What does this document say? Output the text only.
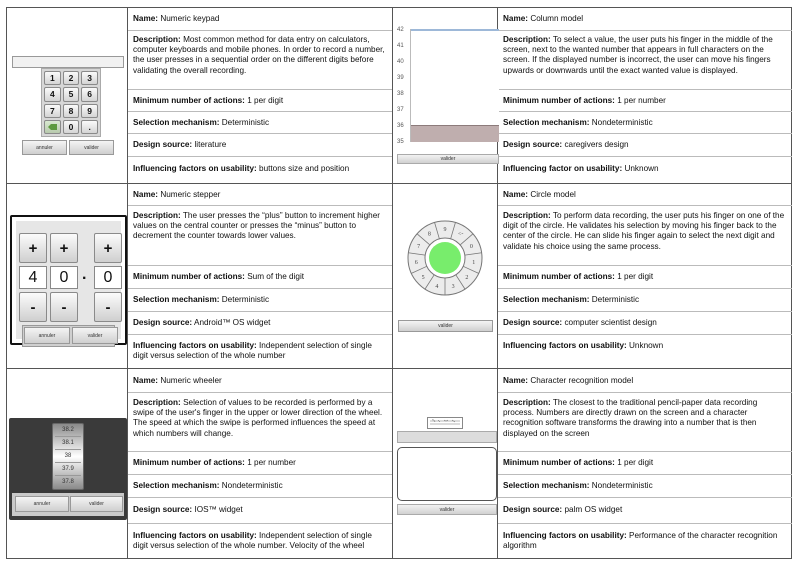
1	2	3
4	5	6
7	8	9
0	.
annuler	valider
Name: Numeric keypad
Description: Most common method for data entry on calculators, computer keyboards and mobile phones. In order to record a number, the user presses in a sequential order on the different digits before validating the overall recording.
Minimum number of actions: 1 per digit
Selection mechanism: Deterministic
Design source: literature
Influencing factors on usability: buttons size and position
42
41
40
39
38
37
36
35
valider
Name: Column model
Description: To select a value, the user puts his finger in the middle of the screen, next to the wanted number that appears in full characters on the screen. If the displayed number is incorrect, the user can move his fingers upwards or downwards until the exact wanted value is displayed.
Minimum number of actions: 1 per number
Selection mechanism: Nondeterministic
Design source: caregivers design
Influencing factor on usability: Unknown
+	+	+
4	0 .	0
-	-	-
annuler	valider
Name: Numeric stepper
Description: The user presses the “plus” button to increment higher values on the central counter or presses the “minus” button to decrement the counter towards lower values.
Minimum number of actions: Sum of the digit
Selection mechanism: Deterministic
Design source: Android™ OS widget
Influencing factors on usability: Independent selection of single digit versus selection of the whole number
7
8
9
<-
0
1
2
3
4
5
6
valider
Name: Circle model
Description: To perform data recording, the user puts his finger on one of the digit of the circle. He validates his selection by moving his finger back to the center of the circle. He can slide his finger again to select the next digit and validate his choice using the same process.
Minimum number of actions: 1 per digit
Selection mechanism: Deterministic
Design source: computer scientist design
Influencing factors on usability: Unknown
38.2
38.1
38
37.9
37.8
annuler	valider
Name: Numeric wheeler
Description: Selection of values to be recorded is performed by a swipe of the user's finger in the upper or lower direction of the wheel. The speed at which the swipe is performed influences the speed at which numbers will change.
Minimum number of actions: 1 per number
Selection mechanism: Nondeterministic
Design source: IOS™ widget
Influencing factors on usability: Independent selection of single digit versus selection of the whole number. Velocity of the wheel
valider
Name: Character recognition model
Description: The closest to the traditional pencil-paper data recording process. Numbers are directly drawn on the screen and a character recognition software transforms the drawing into a number that is then displayed on the screen
Minimum number of actions: 1 per digit
Selection mechanism: Nondeterministic
Design source: palm OS widget
Influencing factors on usability: Performance of the character recognition algorithm
